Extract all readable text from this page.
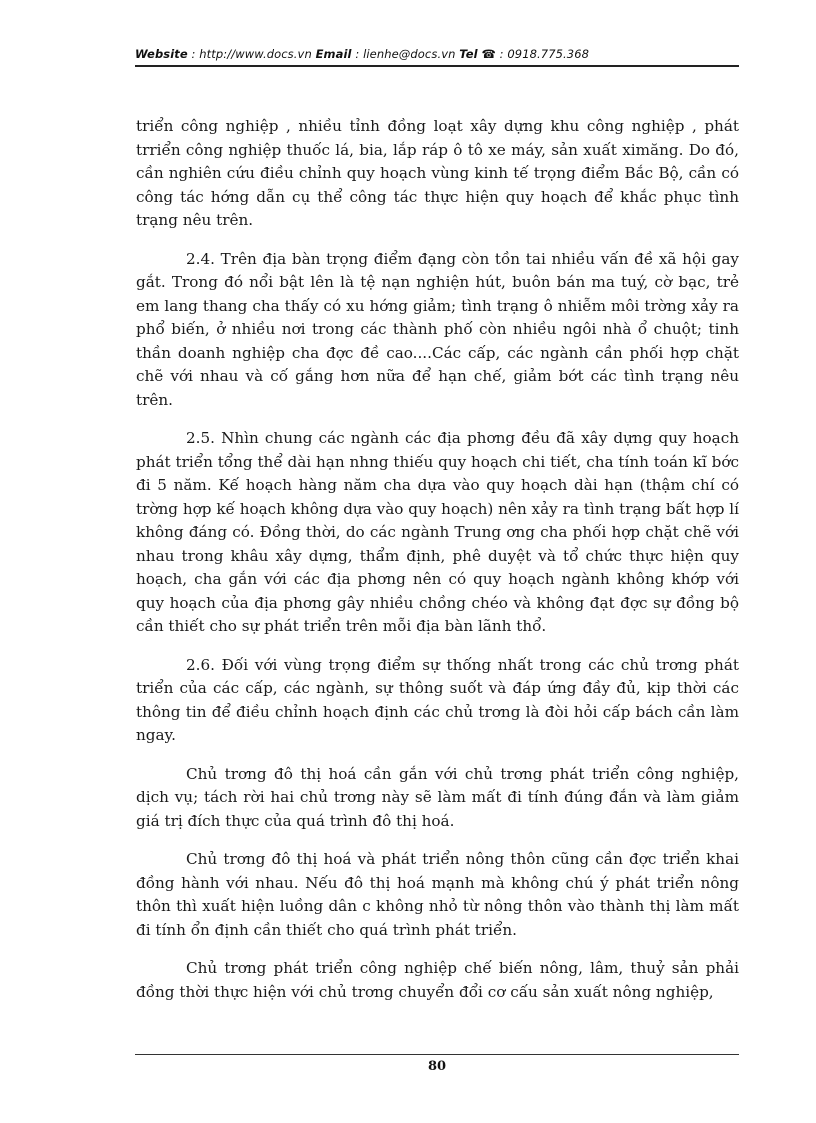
Website : http://www.docs.vn Email : lienhe@docs.vn Tel ☎ : 0918.775.368

triển công nghiệp , nhiều tỉnh đồng loạt xây dựng khu công nghiệp , phát trriển công nghiệp thuốc lá, bia, lắp ráp ô tô xe máy, sản xuất ximăng. Do đó, cần nghiên cứu điều chỉnh quy hoạch vùng kinh tế trọng điểm Bắc Bộ, cần có công tác hớng dẫn cụ thể công tác thực hiện quy hoạch để khắc phục tình trạng nêu trên.

2.4. Trên địa bàn trọng điểm đạng còn tồn tai nhiều vấn đề xã hội gay gắt. Trong đó nổi bật lên là tệ nạn nghiện hút, buôn bán ma tuý, cờ bạc, trẻ em lang thang cha thấy có xu hớng giảm; tình trạng ô nhiễm môi trờng xảy ra phổ biến, ở nhiều nơi trong các thành phố còn nhiều ngôi nhà ổ chuột; tinh thần doanh nghiệp cha đợc đề cao....Các cấp, các ngành cần phối hợp chặt chẽ với nhau và cố gắng hơn nữa để hạn chế, giảm bớt các tình trạng nêu trên.

2.5. Nhìn chung các ngành các địa phơng đều đã xây dựng quy hoạch phát triển tổng thể dài hạn nhng thiếu quy hoạch chi tiết, cha tính toán kĩ bớc đi 5 năm. Kế hoạch hàng năm cha dựa vào quy hoạch dài hạn (thậm chí có trờng hợp kế hoạch không dựa vào quy hoạch) nên xảy ra tình trạng bất hợp lí không đáng có. Đồng thời, do các ngành Trung ơng cha phối hợp chặt chẽ với nhau trong khâu xây dựng, thẩm định, phê duyệt và tổ chức thực hiện quy hoạch, cha gắn với các địa phơng nên có quy hoạch ngành không khớp với quy hoạch của địa phơng gây nhiều chồng chéo và không đạt đợc sự đồng bộ cần thiết cho sự phát triển trên mỗi địa bàn lãnh thổ.

2.6. Đối với vùng trọng điểm sự thống nhất trong các chủ trơng phát triển của các cấp, các ngành, sự thông suốt và đáp ứng đầy đủ, kịp thời các thông tin để điều chỉnh hoạch định các chủ trơng là đòi hỏi cấp bách cần làm ngay.

Chủ trơng đô thị hoá cần gắn với chủ trơng phát triển công nghiệp, dịch vụ; tách rời hai chủ trơng này sẽ làm mất đi tính đúng đắn và làm giảm giá trị đích thực của quá trình đô thị hoá.

Chủ trơng đô thị hoá và phát triển nông thôn cũng cần đợc triển khai đồng hành với nhau. Nếu đô thị hoá mạnh mà không chú ý phát triển nông thôn thì xuất hiện luồng dân c không nhỏ từ nông thôn vào thành thị làm mất đi tính ổn định cần thiết cho quá trình phát triển.

Chủ trơng phát triển công nghiệp chế biến nông, lâm, thuỷ sản phải đồng thời thực hiện với chủ trơng chuyển đổi cơ cấu sản xuất nông nghiệp,

80
